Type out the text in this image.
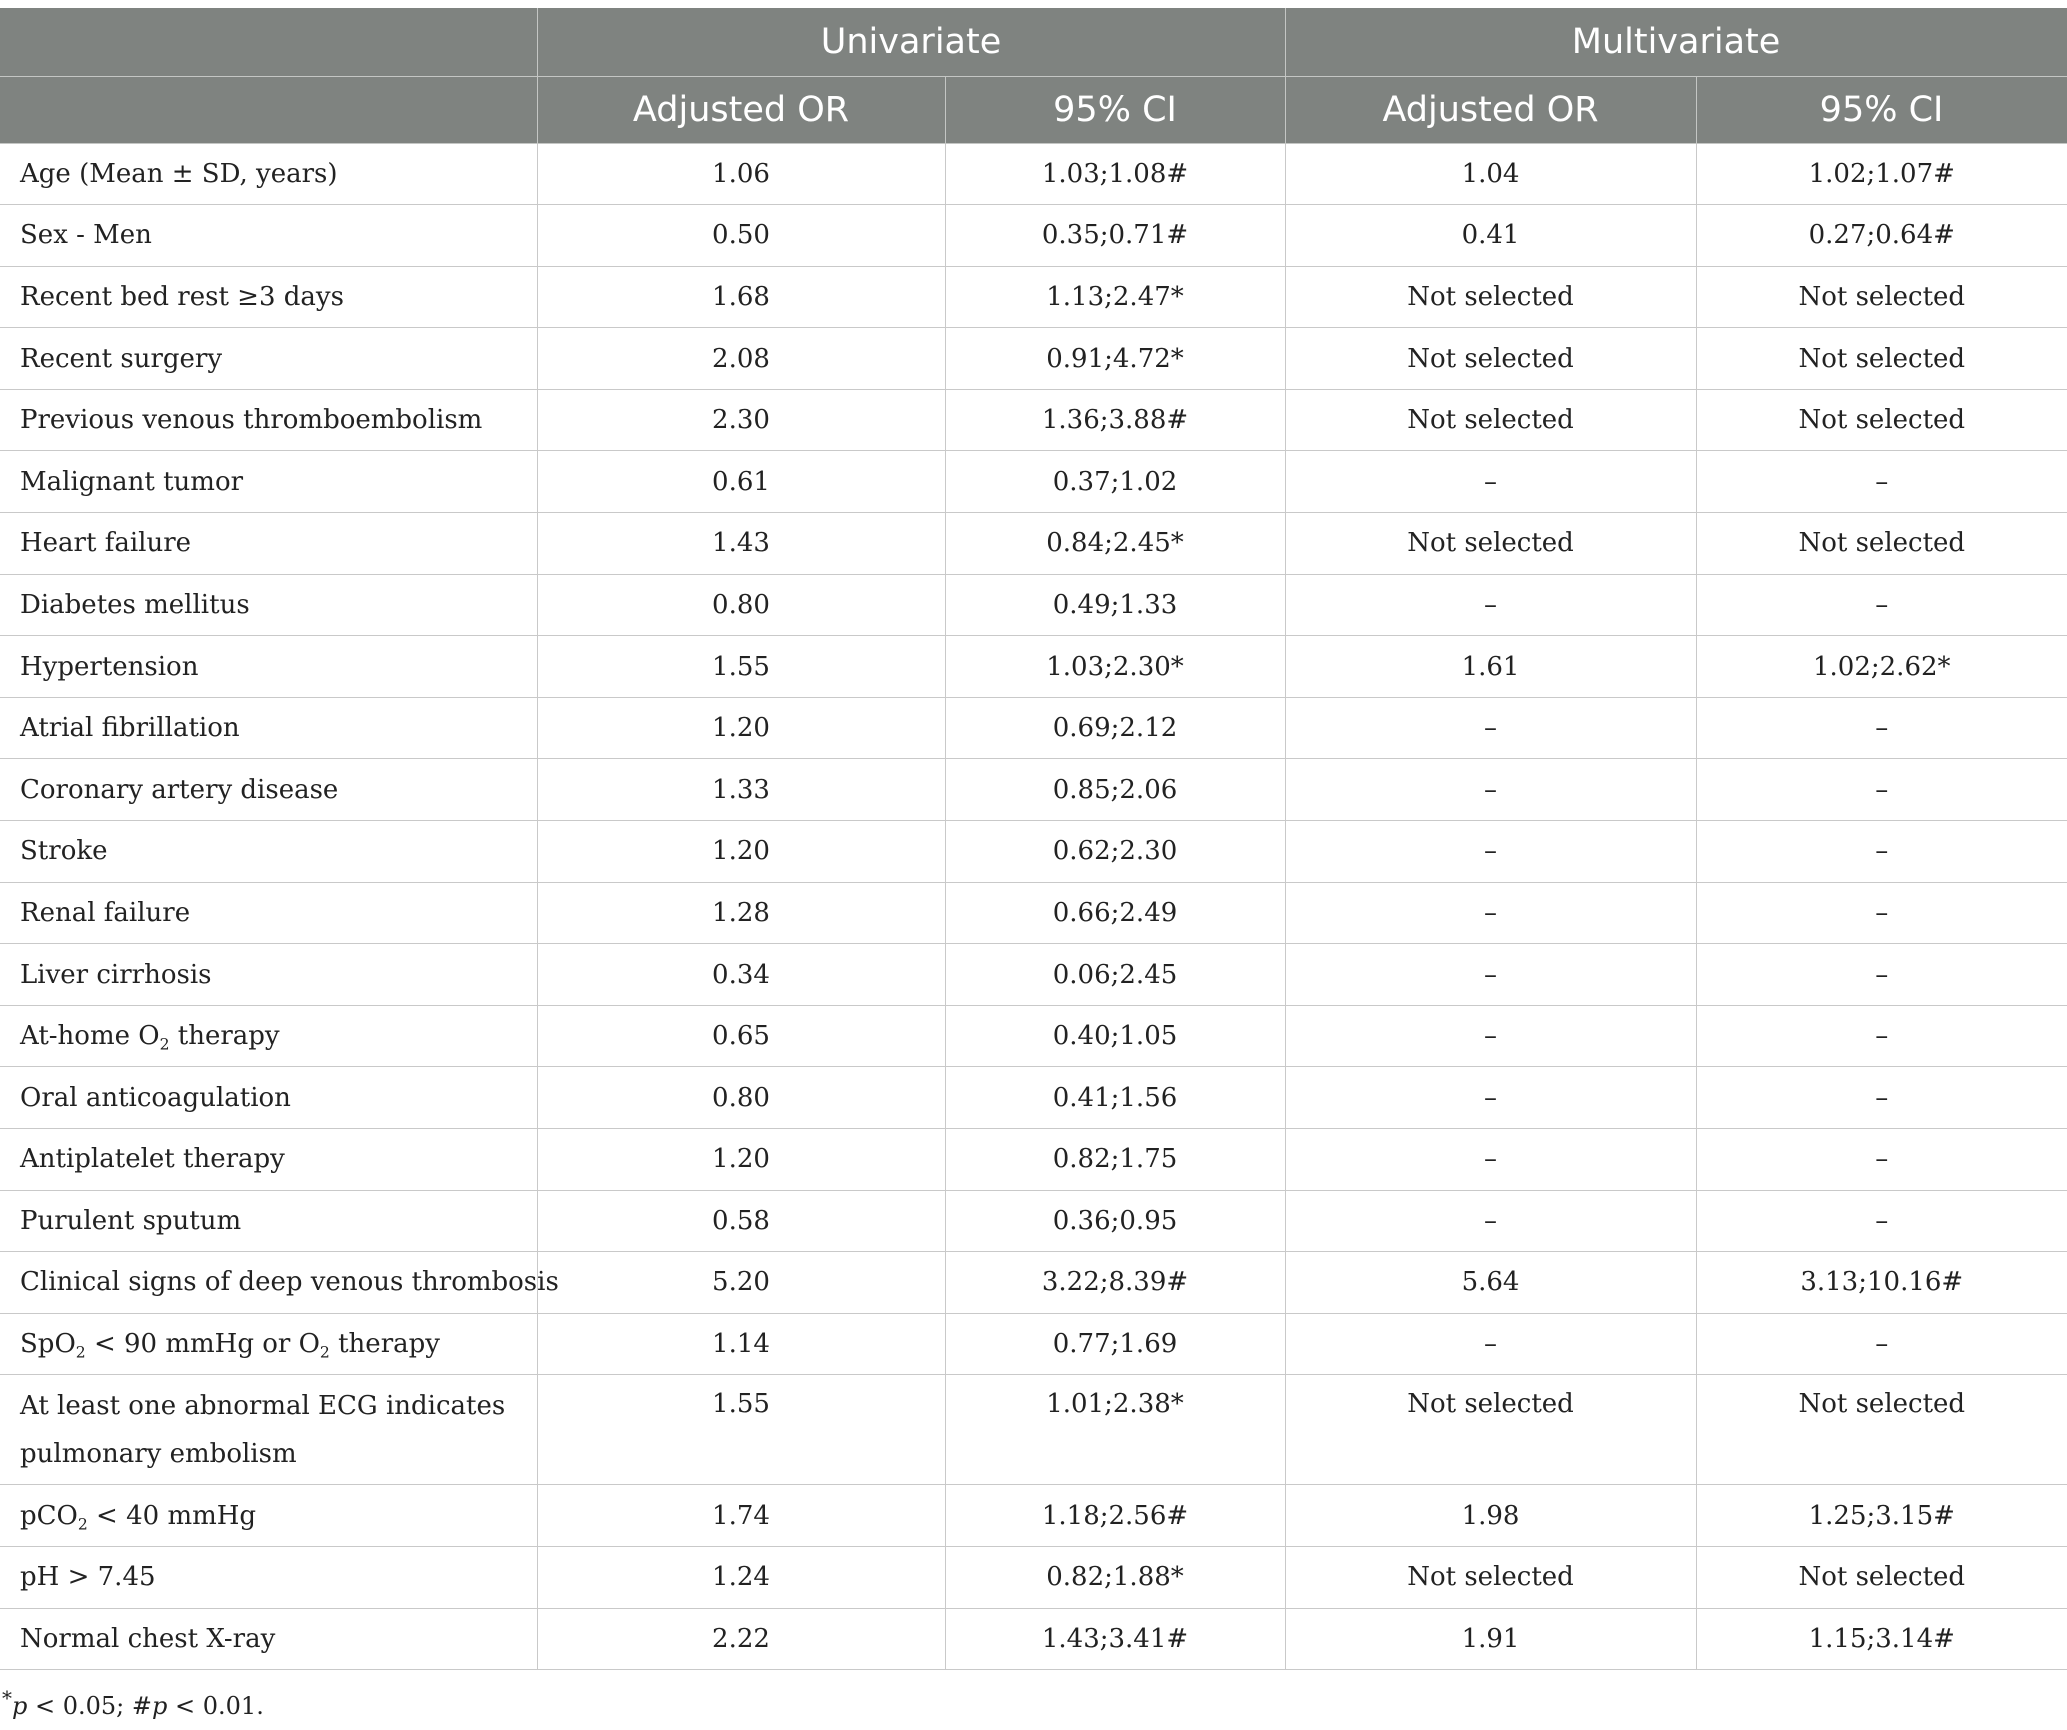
	Univariate		Multivariate	
	Adjusted OR	95% CI	Adjusted OR	95% CI
Age (Mean ± SD, years)	1.06	1.03;1.08#	1.04	1.02;1.07#
Sex - Men	0.50	0.35;0.71#	0.41	0.27;0.64#
Recent bed rest ≥3 days	1.68	1.13;2.47*	Not selected	Not selected
Recent surgery	2.08	0.91;4.72*	Not selected	Not selected
Previous venous thromboembolism	2.30	1.36;3.88#	Not selected	Not selected
Malignant tumor	0.61	0.37;1.02	–	–
Heart failure	1.43	0.84;2.45*	Not selected	Not selected
Diabetes mellitus	0.80	0.49;1.33	–	–
Hypertension	1.55	1.03;2.30*	1.61	1.02;2.62*
Atrial fibrillation	1.20	0.69;2.12	–	–
Coronary artery disease	1.33	0.85;2.06	–	–
Stroke	1.20	0.62;2.30	–	–
Renal failure	1.28	0.66;2.49	–	–
Liver cirrhosis	0.34	0.06;2.45	–	–
At-home $O_2$ therapy	0.65	0.40;1.05	–	–
Oral anticoagulation	0.80	0.41;1.56	–	–
Antiplatelet therapy	1.20	0.82;1.75	–	–
Purulent sputum	0.58	0.36;0.95	–	–
Clinical signs of deep venous thrombosis	5.20	3.22;8.39#	5.64	3.13;10.16#
SpO$_2$ < 90 mmHg or $O_2$ therapy	1.14	0.77;1.69	–	–
At least one abnormal ECG indicates pulmonary embolism	1.55	1.01;2.38*	Not selected	Not selected
pCO$_2$ < 40 mmHg	1.74	1.18;2.56#	1.98	1.25;3.15#
pH > 7.45	1.24	0.82;1.88*	Not selected	Not selected
Normal chest X-ray	2.22	1.43;3.41#	1.91	1.15;3.14#
*p < 0.05; #p < 0.01.
